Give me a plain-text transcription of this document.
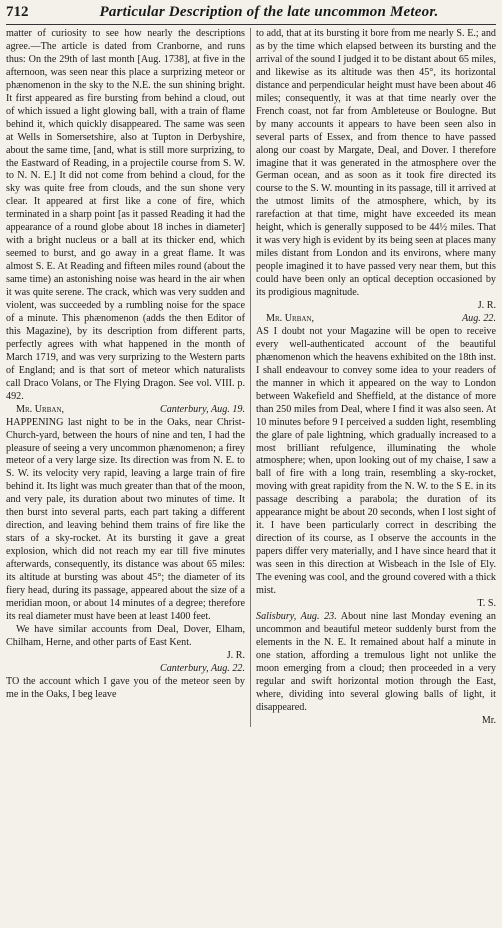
712	Particular Description of the late uncommon Meteor.

matter of curiosity to see how nearly the descriptions agree.—The article is dated from Cranborne, and runs thus: On the 29th of last month [Aug. 1738], at five in the afternoon, was seen near this place a surprizing meteor or phænomenon in the sky to the N.E. the sun shining bright. It first appeared as fire bursting from behind a cloud, out of which issued a light glowing ball, with a train of flame behind it, which quickly disappeared. The same was seen at Wells in Somersetshire, also at Tupton in Derbyshire, about the same time, [and, what is still more surprizing, to the Eastward of Reading, in a projectile course from S. W. to N. N. E.] It did not come from behind a cloud, for the sky was quite free from clouds, and the sun shone very clear. It appeared at first like a cone of fire, which terminated in a sharp point [as it passed Reading it had the appearance of a round globe about 18 inches in diameter] with a bright nucleus or a ball at its thicker end, which seemed to burst, and go away in a great flame. It was almost S. E. At Reading and fifteen miles round (about the same time) an astonishing noise was heard in the air when it was quite serene. The crack, which was very sudden and violent, was succeeded by a rumbling noise for the space of a minute. This phænomenon (adds the then Editor of this Magazine), by its description from different parts, perfectly agrees with what happened in the month of March 1719, and was very surprizing to the Western parts of England; and is that sort of meteor which naturalists call Draco Volans, or The Flying Dragon. See vol. VIII. p. 492.

Mr. Urban,	Canterbury, Aug. 19.

HAPPENING last night to be in the Oaks, near Christ-Church-yard, between the hours of nine and ten, I had the pleasure of seeing a very uncommon phænomenon; a firey meteor of a very large size. Its direction was from N. E. to S. W. its velocity very rapid, leaving a large train of fire behind it. Its light was much greater than that of the moon, and very pale, its duration about two minutes of time. It then burst into several parts, each part taking a different direction, and leaving behind them trains of fire like the stars of a sky-rocket. At its bursting it gave a great explosion, which did not reach my ear till five minutes afterwards, consequently, its distance was about 65 miles: its altitude at bursting was about 45°; the diameter of its fiery head, during its passage, appeared about the size of a meridian moon, or about 14 minutes of a degree; therefore its real diameter must have been at least 1400 feet.

We have similar accounts from Deal, Dover, Elham, Chilham, Herne, and other parts of East Kent.

J. R.
Canterbury, Aug. 22.

TO the account which I gave you of the meteor seen by me in the Oaks, I beg leave

to add, that at its bursting it bore from me nearly S. E.; and as by the time which elapsed between its bursting and the arrival of the sound I judged it to be distant about 65 miles, and likewise as its altitude was then 45°, its horizontal distance and perpendicular height must have been about 46 miles; consequently, it was at that time nearly over the French coast, not far from Ambleteuse or Boulogne. But by many accounts it appears to have been seen also in several parts of Essex, and from thence to have passed along our coast by Margate, Deal, and Dover. I therefore imagine that it was generated in the atmosphere over the German ocean, and as soon as it took fire directed its course to the S. W. mounting in its passage, till it arrived at the utmost limits of the atmosphere, which, by its rarefaction at that time, might have exceeded its mean height, which is generally supposed to be 44½ miles. That it was very high is evident by its being seen at places many miles distant from London and its environs, where many people imagined it to have passed very near them, but this could have been only an optical deception occasioned by its prodigious magnitude.

J. R.

Mr. Urban,	Aug. 22.

AS I doubt not your Magazine will be open to receive every well-authenticated account of the beautiful phænomenon which the heavens exhibited on the 18th inst. I shall endeavour to convey some idea to your readers of the manner in which it appeared on the way to London between Wakefield and Sheffield, at the distance of more than 250 miles from Deal, where I find it was also seen. At 10 minutes before 9 I perceived a sudden light, resembling the glare of pale lightning, which gradually increased to a most brilliant refulgence, illuminating the whole atmosphere; when, upon looking out of my chaise, I saw a ball of fire with a long train, resembling a sky-rocket, moving with great rapidity from the N. W. to the S E. in its passage describing a parabola; the duration of its appearance might be about 20 seconds, when I lost sight of it. I have been particularly correct in describing the direction of its course, as I observe the accounts in the papers differ very materially, and I have since heard that it was seen in this direction at Wisbeach in the Isle of Ely. The evening was cool, and the ground covered with a thick mist.

T. S.

Salisbury, Aug. 23. About nine last Monday evening an uncommon and beautiful meteor suddenly burst from the elements in the N. E. It remained about half a minute in one station, affording a tremulous light not unlike the moon emerging from a cloud; then proceeded in a very regular and swift horizontal motion through the East, where, dividing into several glowing balls of light, it disappeared.

Mr.
